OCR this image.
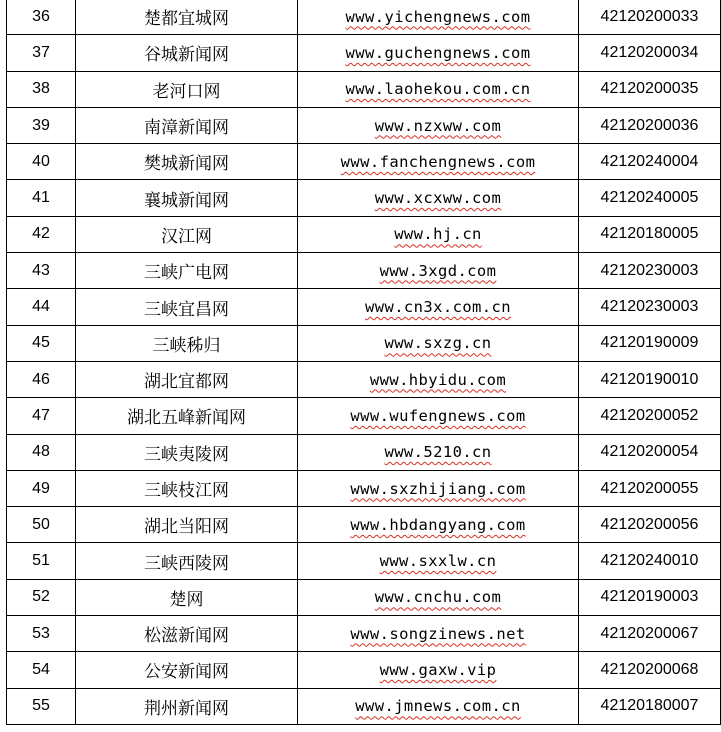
36	楚都宜城网	www.yichengnews.com	42120200033
37	谷城新闻网	www.guchengnews.com	42120200034
38	老河口网	www.laohekou.com.cn	42120200035
39	南漳新闻网	www.nzxww.com	42120200036
40	樊城新闻网	www.fanchengnews.com	42120240004
41	襄城新闻网	www.xcxww.com	42120240005
42	汉江网	www.hj.cn	42120180005
43	三峡广电网	www.3xgd.com	42120230003
44	三峡宜昌网	www.cn3x.com.cn	42120230003
45	三峡秭归	www.sxzg.cn	42120190009
46	湖北宜都网	www.hbyidu.com	42120190010
47	湖北五峰新闻网	www.wufengnews.com	42120200052
48	三峡夷陵网	www.5210.cn	42120200054
49	三峡枝江网	www.sxzhijiang.com	42120200055
50	湖北当阳网	www.hbdangyang.com	42120200056
51	三峡西陵网	www.sxxlw.cn	42120240010
52	楚网	www.cnchu.com	42120190003
53	松滋新闻网	www.songzinews.net	42120200067
54	公安新闻网	www.gaxw.vip	42120200068
55	荆州新闻网	www.jmnews.com.cn	42120180007
